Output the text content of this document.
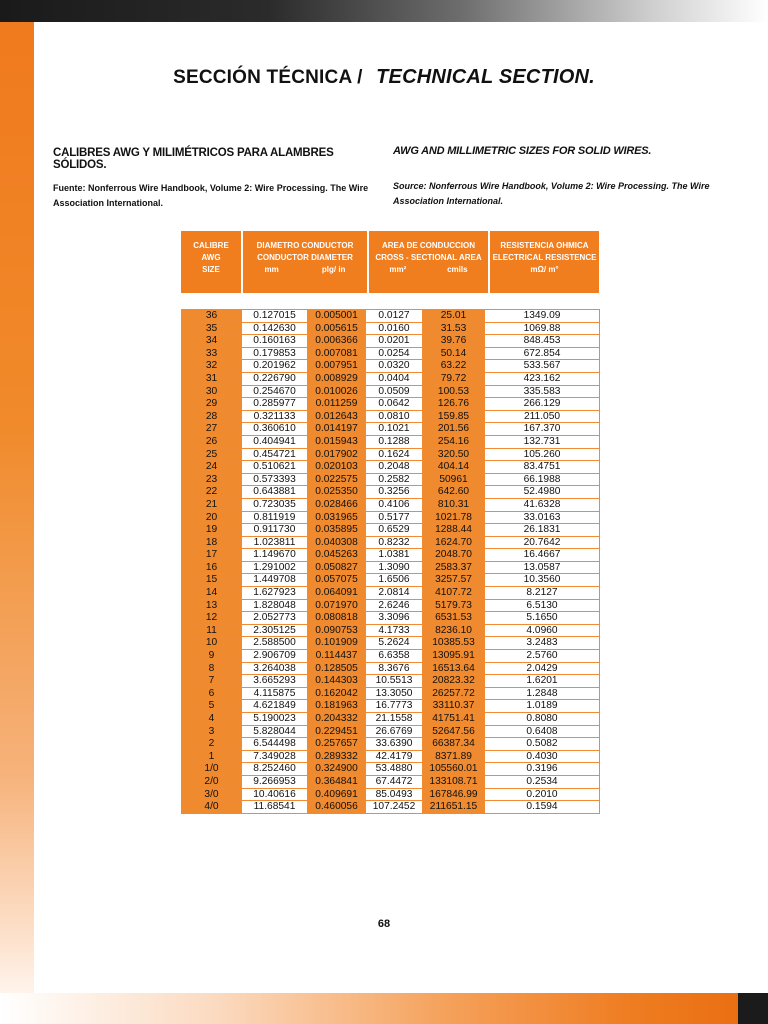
SECCIÓN TÉCNICA / TECHNICAL SECTION.
CALIBRES AWG Y MILIMÉTRICOS PARA ALAMBRES SÓLIDOS.
AWG AND MILLIMETRIC SIZES FOR SOLID WIRES.
Fuente: Nonferrous Wire Handbook, Volume 2: Wire Processing. The Wire Association International.
Source: Nonferrous Wire Handbook, Volume 2: Wire Processing. The Wire Association International.
CALIBRE
AWG
SIZE
DIAMETRO CONDUCTOR
CONDUCTOR DIAMETER
mm	plg/ in
AREA DE CONDUCCION
CROSS - SECTIONAL AREA
mm²	cmils
RESISTENCIA OHMICA
ELECTRICAL RESISTENCE
mΩ/ m°
36	0.127015	0.005001	0.0127	25.01	1349.09
35	0.142630	0.005615	0.0160	31.53	1069.88
34	0.160163	0.006366	0.0201	39.76	848.453
33	0.179853	0.007081	0.0254	50.14	672.854
32	0.201962	0.007951	0.0320	63.22	533.567
31	0.226790	0.008929	0.0404	79.72	423.162
30	0.254670	0.010026	0.0509	100.53	335.583
29	0.285977	0.011259	0.0642	126.76	266.129
28	0.321133	0.012643	0.0810	159.85	211.050
27	0.360610	0.014197	0.1021	201.56	167.370
26	0.404941	0.015943	0.1288	254.16	132.731
25	0.454721	0.017902	0.1624	320.50	105.260
24	0.510621	0.020103	0.2048	404.14	83.4751
23	0.573393	0.022575	0.2582	50961	66.1988
22	0.643881	0.025350	0.3256	642.60	52.4980
21	0.723035	0.028466	0.4106	810.31	41.6328
20	0.811919	0.031965	0.5177	1021.78	33.0163
19	0.911730	0.035895	0.6529	1288.44	26.1831
18	1.023811	0.040308	0.8232	1624.70	20.7642
17	1.149670	0.045263	1.0381	2048.70	16.4667
16	1.291002	0.050827	1.3090	2583.37	13.0587
15	1.449708	0.057075	1.6506	3257.57	10.3560
14	1.627923	0.064091	2.0814	4107.72	8.2127
13	1.828048	0.071970	2.6246	5179.73	6.5130
12	2.052773	0.080818	3.3096	6531.53	5.1650
11	2.305125	0.090753	4.1733	8236.10	4.0960
10	2.588500	0.101909	5.2624	10385.53	3.2483
9	2.906709	0.114437	6.6358	13095.91	2.5760
8	3.264038	0.128505	8.3676	16513.64	2.0429
7	3.665293	0.144303	10.5513	20823.32	1.6201
6	4.115875	0.162042	13.3050	26257.72	1.2848
5	4.621849	0.181963	16.7773	33110.37	1.0189
4	5.190023	0.204332	21.1558	41751.41	0.8080
3	5.828044	0.229451	26.6769	52647.56	0.6408
2	6.544498	0.257657	33.6390	66387.34	0.5082
1	7.349028	0.289332	42.4179	8371.89	0.4030
1/0	8.252460	0.324900	53.4880	105560.01	0.3196
2/0	9.266953	0.364841	67.4472	133108.71	0.2534
3/0	10.40616	0.409691	85.0493	167846.99	0.2010
4/0	11.68541	0.460056	107.2452	211651.15	0.1594
68
